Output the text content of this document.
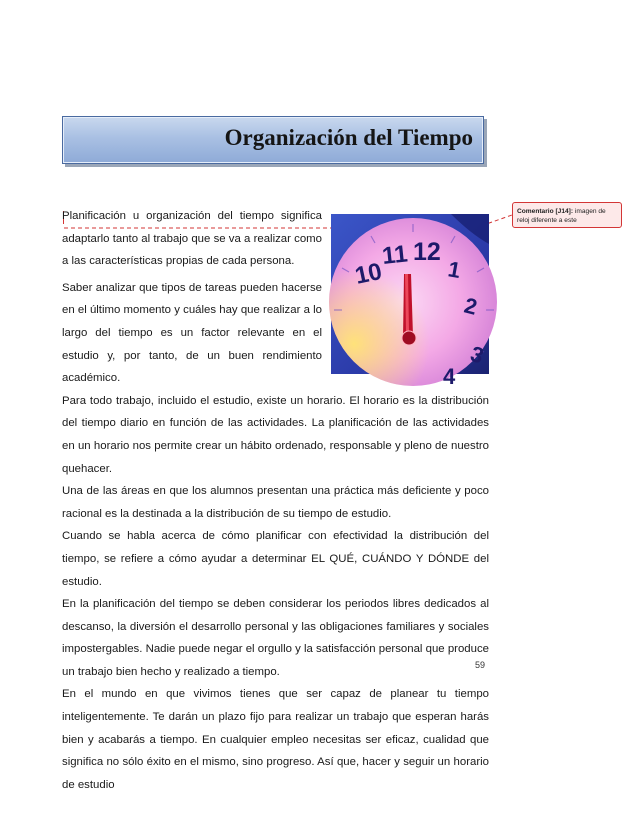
Organización del Tiempo
Comentario [J14]: imagen de reloj diferente a este
10
11 12
1
2
3
4

Planificación u organización del tiempo significa adaptarlo tanto al trabajo que se va a realizar como a las características propias de cada persona.

Saber analizar que tipos de tareas pueden hacerse en el último momento y cuáles hay que realizar a lo largo del tiempo es un factor relevante en el estudio y, por tanto, de un buen rendimiento académico.

Para todo trabajo, incluido el estudio, existe un horario. El horario es la distribución del tiempo diario en función de las actividades. La planificación de las actividades en un horario nos permite crear un hábito ordenado, responsable y pleno de nuestro quehacer.

Una de las áreas en que los alumnos presentan una práctica más deficiente y poco racional es la destinada a la distribución de su tiempo de estudio.

Cuando se habla acerca de cómo planificar con efectividad la distribución del tiempo, se refiere a cómo ayudar a determinar EL QUÉ, CUÁNDO Y DÓNDE del estudio.

En la planificación del tiempo se deben considerar los periodos libres dedicados al descanso, la diversión el desarrollo personal y las obligaciones familiares y sociales impostergables. Nadie puede negar el orgullo y la satisfacción personal que produce un trabajo bien hecho y realizado a tiempo.

En el mundo en que vivimos tienes que ser capaz de planear tu tiempo inteligentemente. Te darán un plazo fijo para realizar un trabajo que esperan harás bien y acabarás a tiempo. En cualquier empleo necesitas ser eficaz, cualidad que significa no sólo éxito en el mismo, sino progreso. Así que, hacer y seguir un horario de estudio

59
